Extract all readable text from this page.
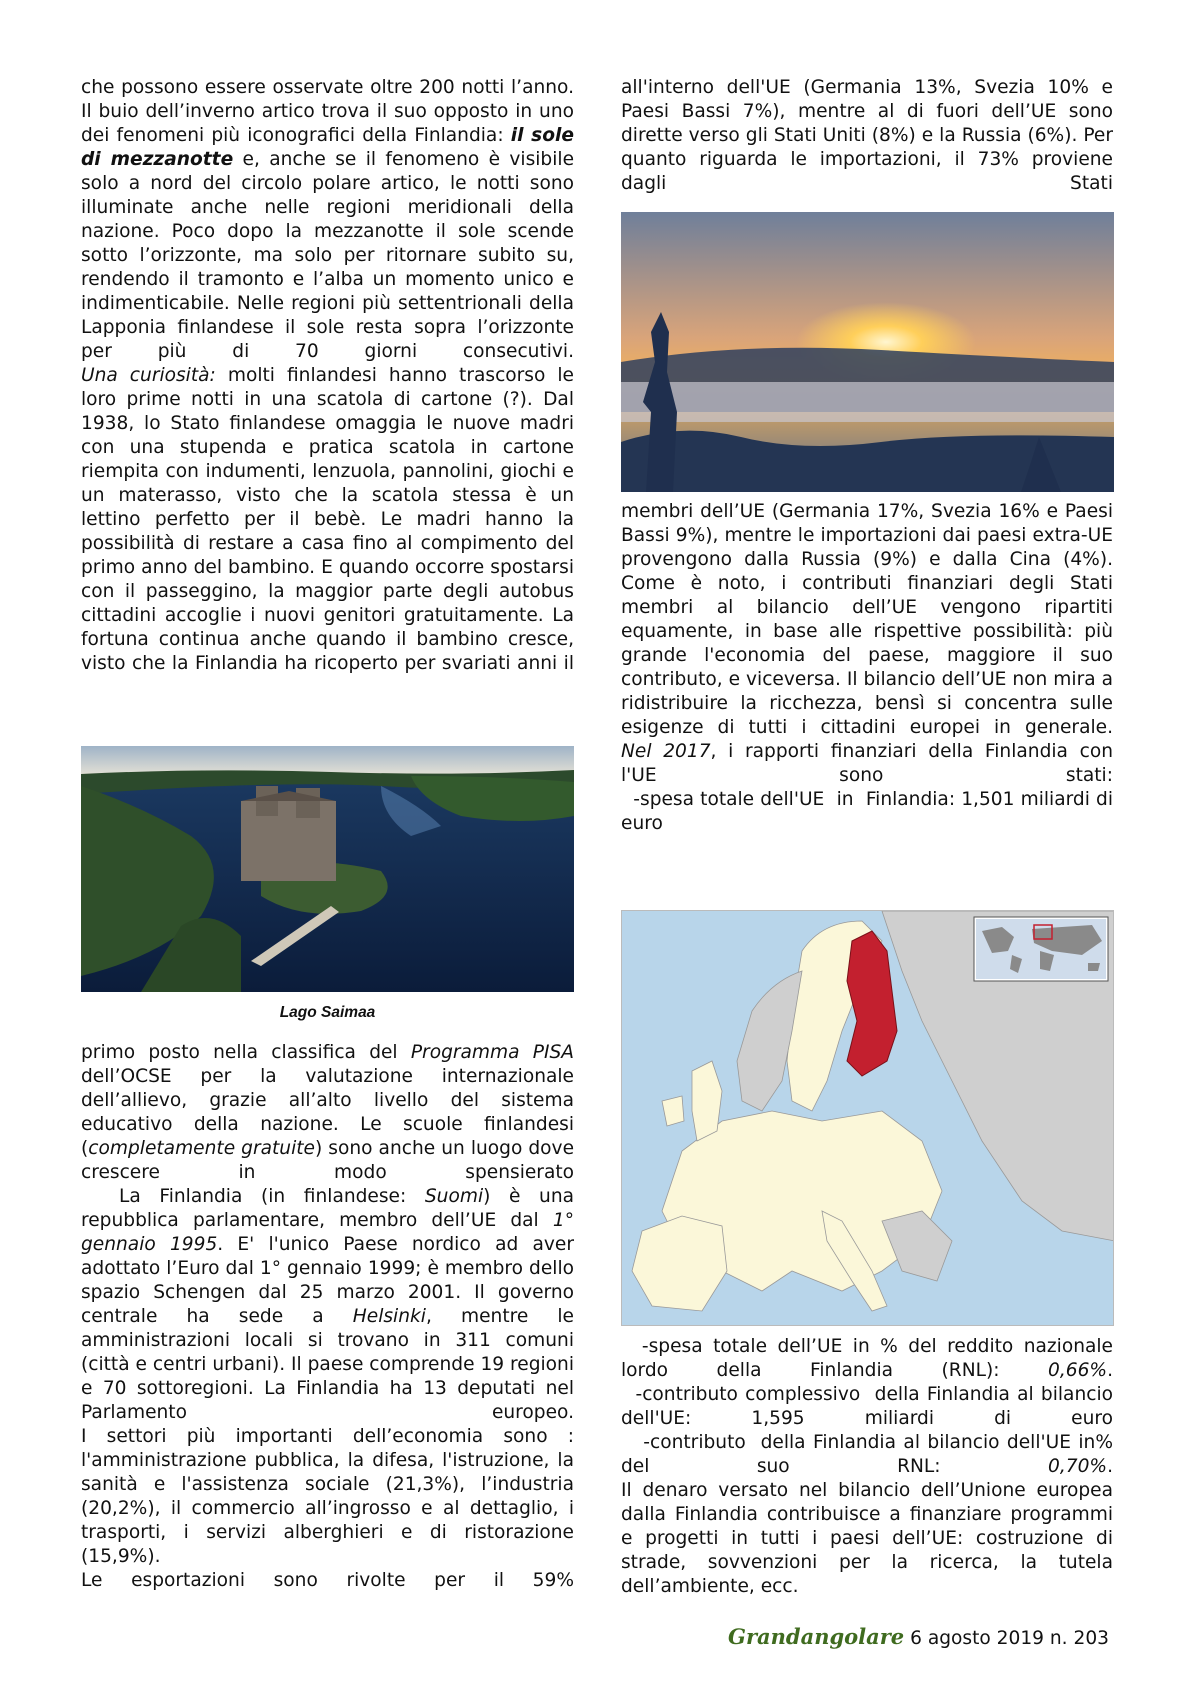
che possono essere osservate oltre 200 notti l’anno. Il buio dell’inverno artico trova il suo opposto in uno dei fenomeni più iconografici della Finlandia: il sole di mezzanotte e, anche se il fenomeno è visibile solo a nord del circolo polare artico, le notti sono illuminate anche nelle regioni meridionali della nazione. Poco dopo la mezzanotte il sole scende sotto l’orizzonte, ma solo per ritornare subito su, rendendo il tramonto e l’alba un momento unico e indimenticabile. Nelle regioni più settentrionali della Lapponia finlandese il sole resta sopra l’orizzonte per più di 70 giorni consecutivi.

Una curiosità: molti finlandesi hanno trascorso le loro prime notti in una scatola di cartone (?). Dal 1938, lo Stato finlandese omaggia le nuove madri con una stupenda e pratica scatola in cartone riempita con indumenti, lenzuola, pannolini, giochi e un materasso, visto che la scatola stessa è un lettino perfetto per il bebè. Le madri hanno la possibilità di restare a casa fino al compimento del primo anno del bambino. E quando occorre spostarsi con il passeggino, la maggior parte degli autobus cittadini accoglie i nuovi genitori gratuitamente. La fortuna continua anche quando il bambino cresce, visto che la Finlandia ha ricoperto per svariati anni il

Lago Saimaa

primo posto nella classifica del Programma PISA dell’OCSE per la valutazione internazionale dell’allievo, grazie all’alto livello del sistema educativo della nazione. Le scuole finlandesi (completamente gratuite) sono anche un luogo dove crescere in modo spensierato

La Finlandia (in finlandese: Suomi) è una repubblica parlamentare, membro dell’UE dal 1° gennaio 1995. E' l'unico Paese nordico ad aver adottato l’Euro dal 1° gennaio 1999; è membro dello spazio Schengen dal 25 marzo 2001. Il governo centrale ha sede a Helsinki, mentre le amministrazioni locali si trovano in 311 comuni (città e centri urbani). Il paese comprende 19 regioni e 70 sottoregioni. La Finlandia ha 13 deputati nel Parlamento europeo.

I settori più importanti dell’economia sono : l'amministrazione pubblica, la difesa, l'istruzione, la sanità e l'assistenza sociale (21,3%), l’industria (20,2%), il commercio all’ingrosso e al dettaglio, i trasporti, i servizi alberghieri e di ristorazione (15,9%).

Le esportazioni sono rivolte per il 59%

all'interno dell'UE (Germania 13%, Svezia 10% e Paesi Bassi 7%), mentre al di fuori dell’UE sono dirette verso gli Stati Uniti (8%) e la Russia (6%). Per quanto riguarda le importazioni, il 73% proviene dagli Stati

membri dell’UE (Germania 17%, Svezia 16% e Paesi Bassi 9%), mentre le importazioni dai paesi extra-UE provengono dalla Russia (9%) e dalla Cina (4%).

Come è noto, i contributi finanziari degli Stati membri al bilancio dell’UE vengono ripartiti equamente, in base alle rispettive possibilità: più grande l'economia del paese, maggiore il suo contributo, e viceversa. Il bilancio dell’UE non mira a ridistribuire la ricchezza, bensì si concentra sulle esigenze di tutti i cittadini europei in generale.

Nel 2017, i rapporti finanziari della Finlandia con l'UE sono stati:

-spesa totale dell'UE  in  Finlandia: 1,501 miliardi di euro

-spesa totale dell’UE in % del reddito nazionale lordo della Finlandia (RNL): 0,66%.

-contributo complessivo  della Finlandia al bilancio dell'UE: 1,595 miliardi di euro

-contributo  della Finlandia al bilancio dell'UE in% del suo RNL: 0,70%.

Il denaro versato nel bilancio dell’Unione europea dalla Finlandia contribuisce a finanziare programmi e progetti in tutti i paesi dell’UE: costruzione di strade, sovvenzioni per la ricerca, la tutela dell’ambiente, ecc.

Grandangolare 6 agosto 2019 n. 203
